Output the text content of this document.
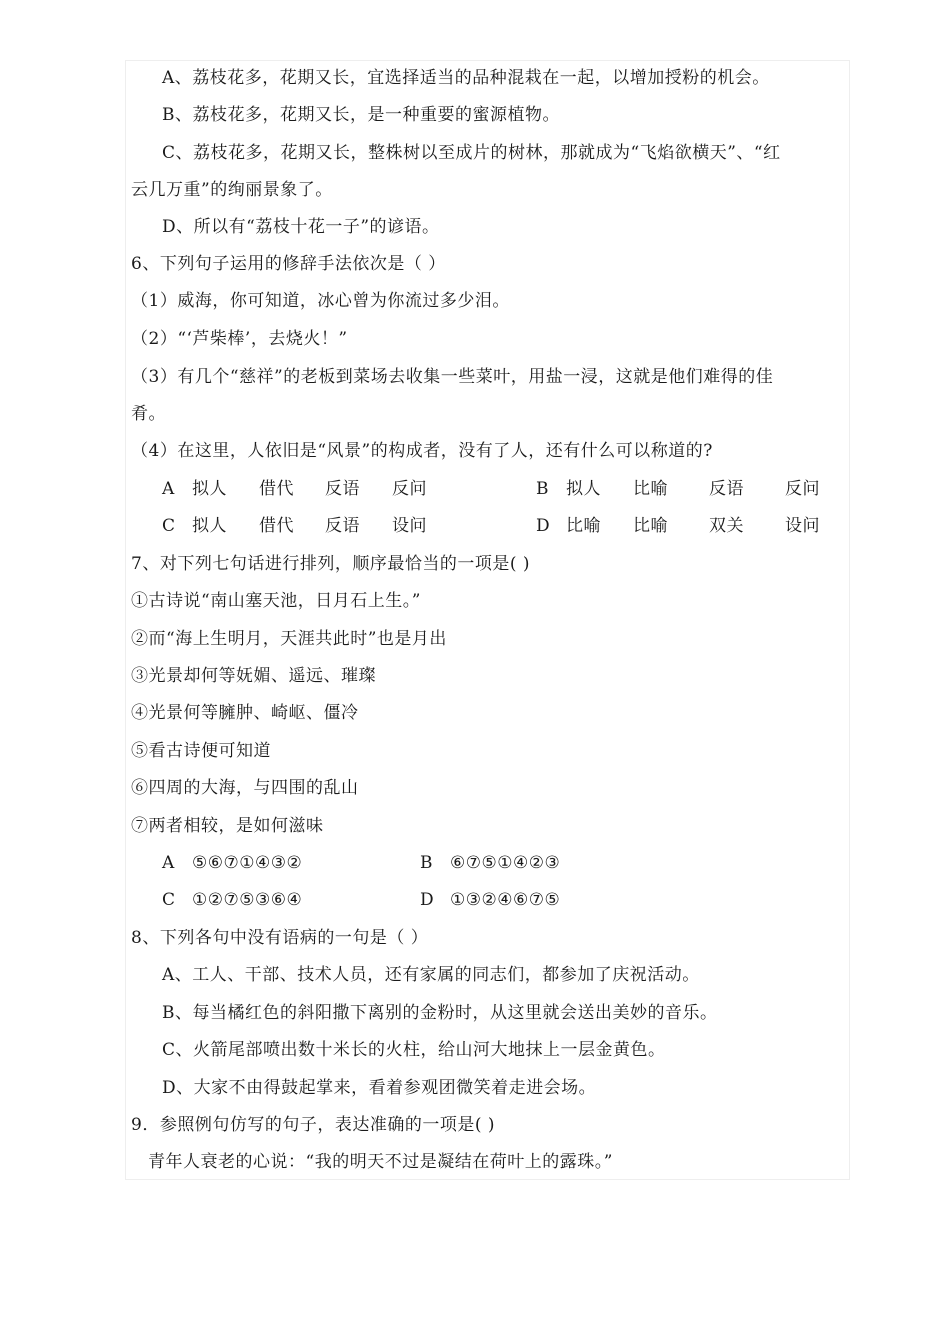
A、荔枝花多，花期又长，宜选择适当的品种混栽在一起，以增加授粉的机会。
B、荔枝花多，花期又长，是一种重要的蜜源植物。
C、荔枝花多，花期又长，整株树以至成片的树林，那就成为“飞焰欲横天”、“红
云几万重”的绚丽景象了。
D、所以有“荔枝十花一子”的谚语。
6、下列句子运用的修辞手法依次是（ ）
（1）威海，你可知道，冰心曾为你流过多少泪。
（2）“‘芦柴棒’，去烧火！”
（3）有几个“慈祥”的老板到菜场去收集一些菜叶，用盐一浸，这就是他们难得的佳
肴。
（4）在这里，人依旧是“风景”的构成者，没有了人，还有什么可以称道的?
A 拟人 借代 反语 反问	B 拟人 比喻 反语 反问
C 拟人 借代 反语 设问	D 比喻 比喻 双关 设问
7、对下列七句话进行排列，顺序最恰当的一项是( )
①古诗说“南山塞天池，日月石上生。”
②而“海上生明月，天涯共此时”也是月出
③光景却何等妩媚、遥远、璀璨
④光景何等臃肿、崎岖、僵冷
⑤看古诗便可知道
⑥四周的大海，与四围的乱山
⑦两者相较，是如何滋味
A ⑤⑥⑦①④③②	B ⑥⑦⑤①④②③
C ①②⑦⑤③⑥④	D ①③②④⑥⑦⑤
8、下列各句中没有语病的一句是（ ）
A、工人、干部、技术人员，还有家属的同志们，都参加了庆祝活动。
B、每当橘红色的斜阳撒下离别的金粉时，从这里就会送出美妙的音乐。
C、火箭尾部喷出数十米长的火柱，给山河大地抹上一层金黄色。
D、大家不由得鼓起掌来，看着参观团微笑着走进会场。
9．参照例句仿写的句子，表达准确的一项是( )
青年人衰老的心说：“我的明天不过是凝结在荷叶上的露珠。”
